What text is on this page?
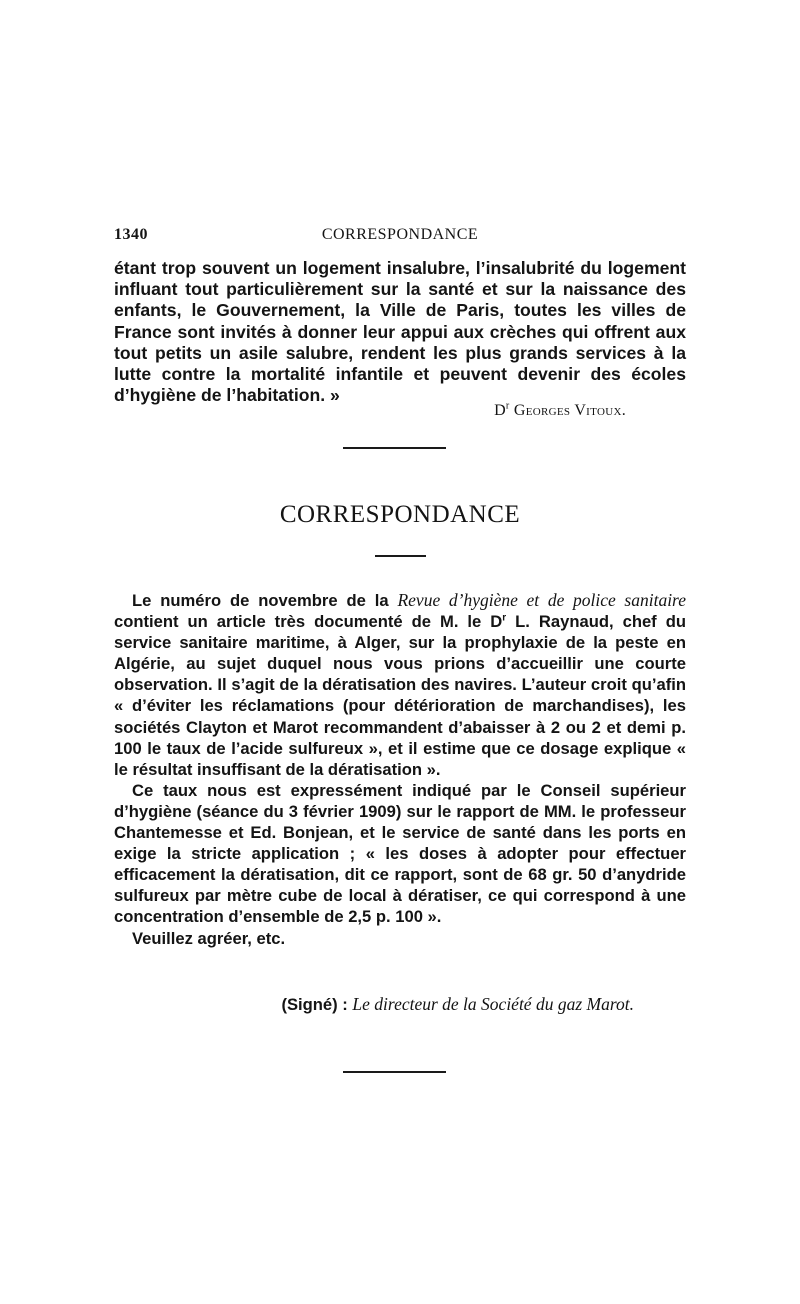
1340	CORRESPONDANCE

étant trop souvent un logement insalubre, l’insalubrité du logement influant tout particulièrement sur la santé et sur la naissance des enfants, le Gouvernement, la Ville de Paris, toutes les villes de France sont invités à donner leur appui aux crèches qui offrent aux tout petits un asile salubre, rendent les plus grands services à la lutte contre la mortalité infantile et peuvent devenir des écoles d’hygiène de l’habitation. »

$D^r$ Georges Vitoux.
CORRESPONDANCE

Le numéro de novembre de la Revue d’hygiène et de police sanitaire contient un article très documenté de M. le $D^r$ L. Raynaud, chef du service sanitaire maritime, à Alger, sur la prophylaxie de la peste en Algérie, au sujet duquel nous vous prions d’accueillir une courte observation. Il s’agit de la dératisation des navires. L’auteur croit qu’afin « d’éviter les réclamations (pour détérioration de marchandises), les sociétés Clayton et Marot recommandent d’abaisser à 2 ou 2 et demi p. 100 le taux de l’acide sulfureux », et il estime que ce dosage explique « le résultat insuffisant de la dératisation ».

Ce taux nous est expressément indiqué par le Conseil supérieur d’hygiène (séance du 3 février 1909) sur le rapport de MM. le professeur Chantemesse et Ed. Bonjean, et le service de santé dans les ports en exige la stricte application ; « les doses à adopter pour effectuer efficacement la dératisation, dit ce rapport, sont de 68 gr. 50 d’anydride sulfureux par mètre cube de local à dératiser, ce qui correspond à une concentration d’ensemble de 2,5 p. 100 ».

Veuillez agréer, etc.

(Signé) : Le directeur de la Société du gaz Marot.
